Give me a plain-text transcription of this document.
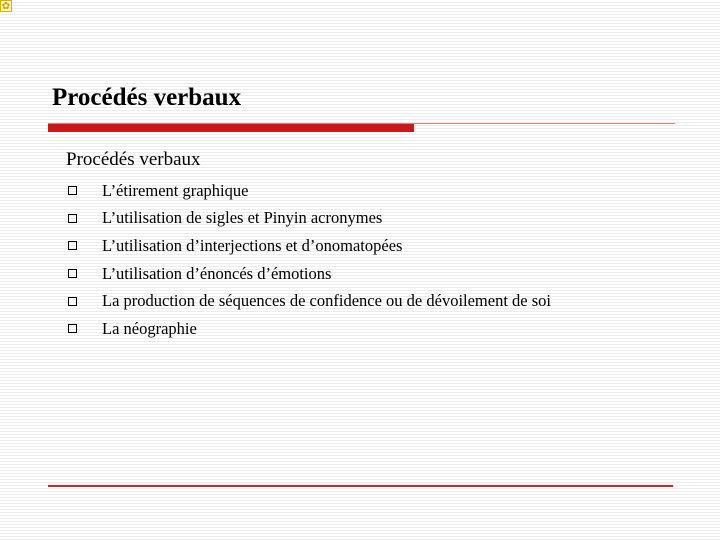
✿
Procédés verbaux
Procédés verbaux
L’étirement graphique
L’utilisation de sigles et Pinyin acronymes
L’utilisation d’interjections et d’onomatopées
L’utilisation d’énoncés d’émotions
La production de séquences de confidence ou de dévoilement de soi
La néographie
